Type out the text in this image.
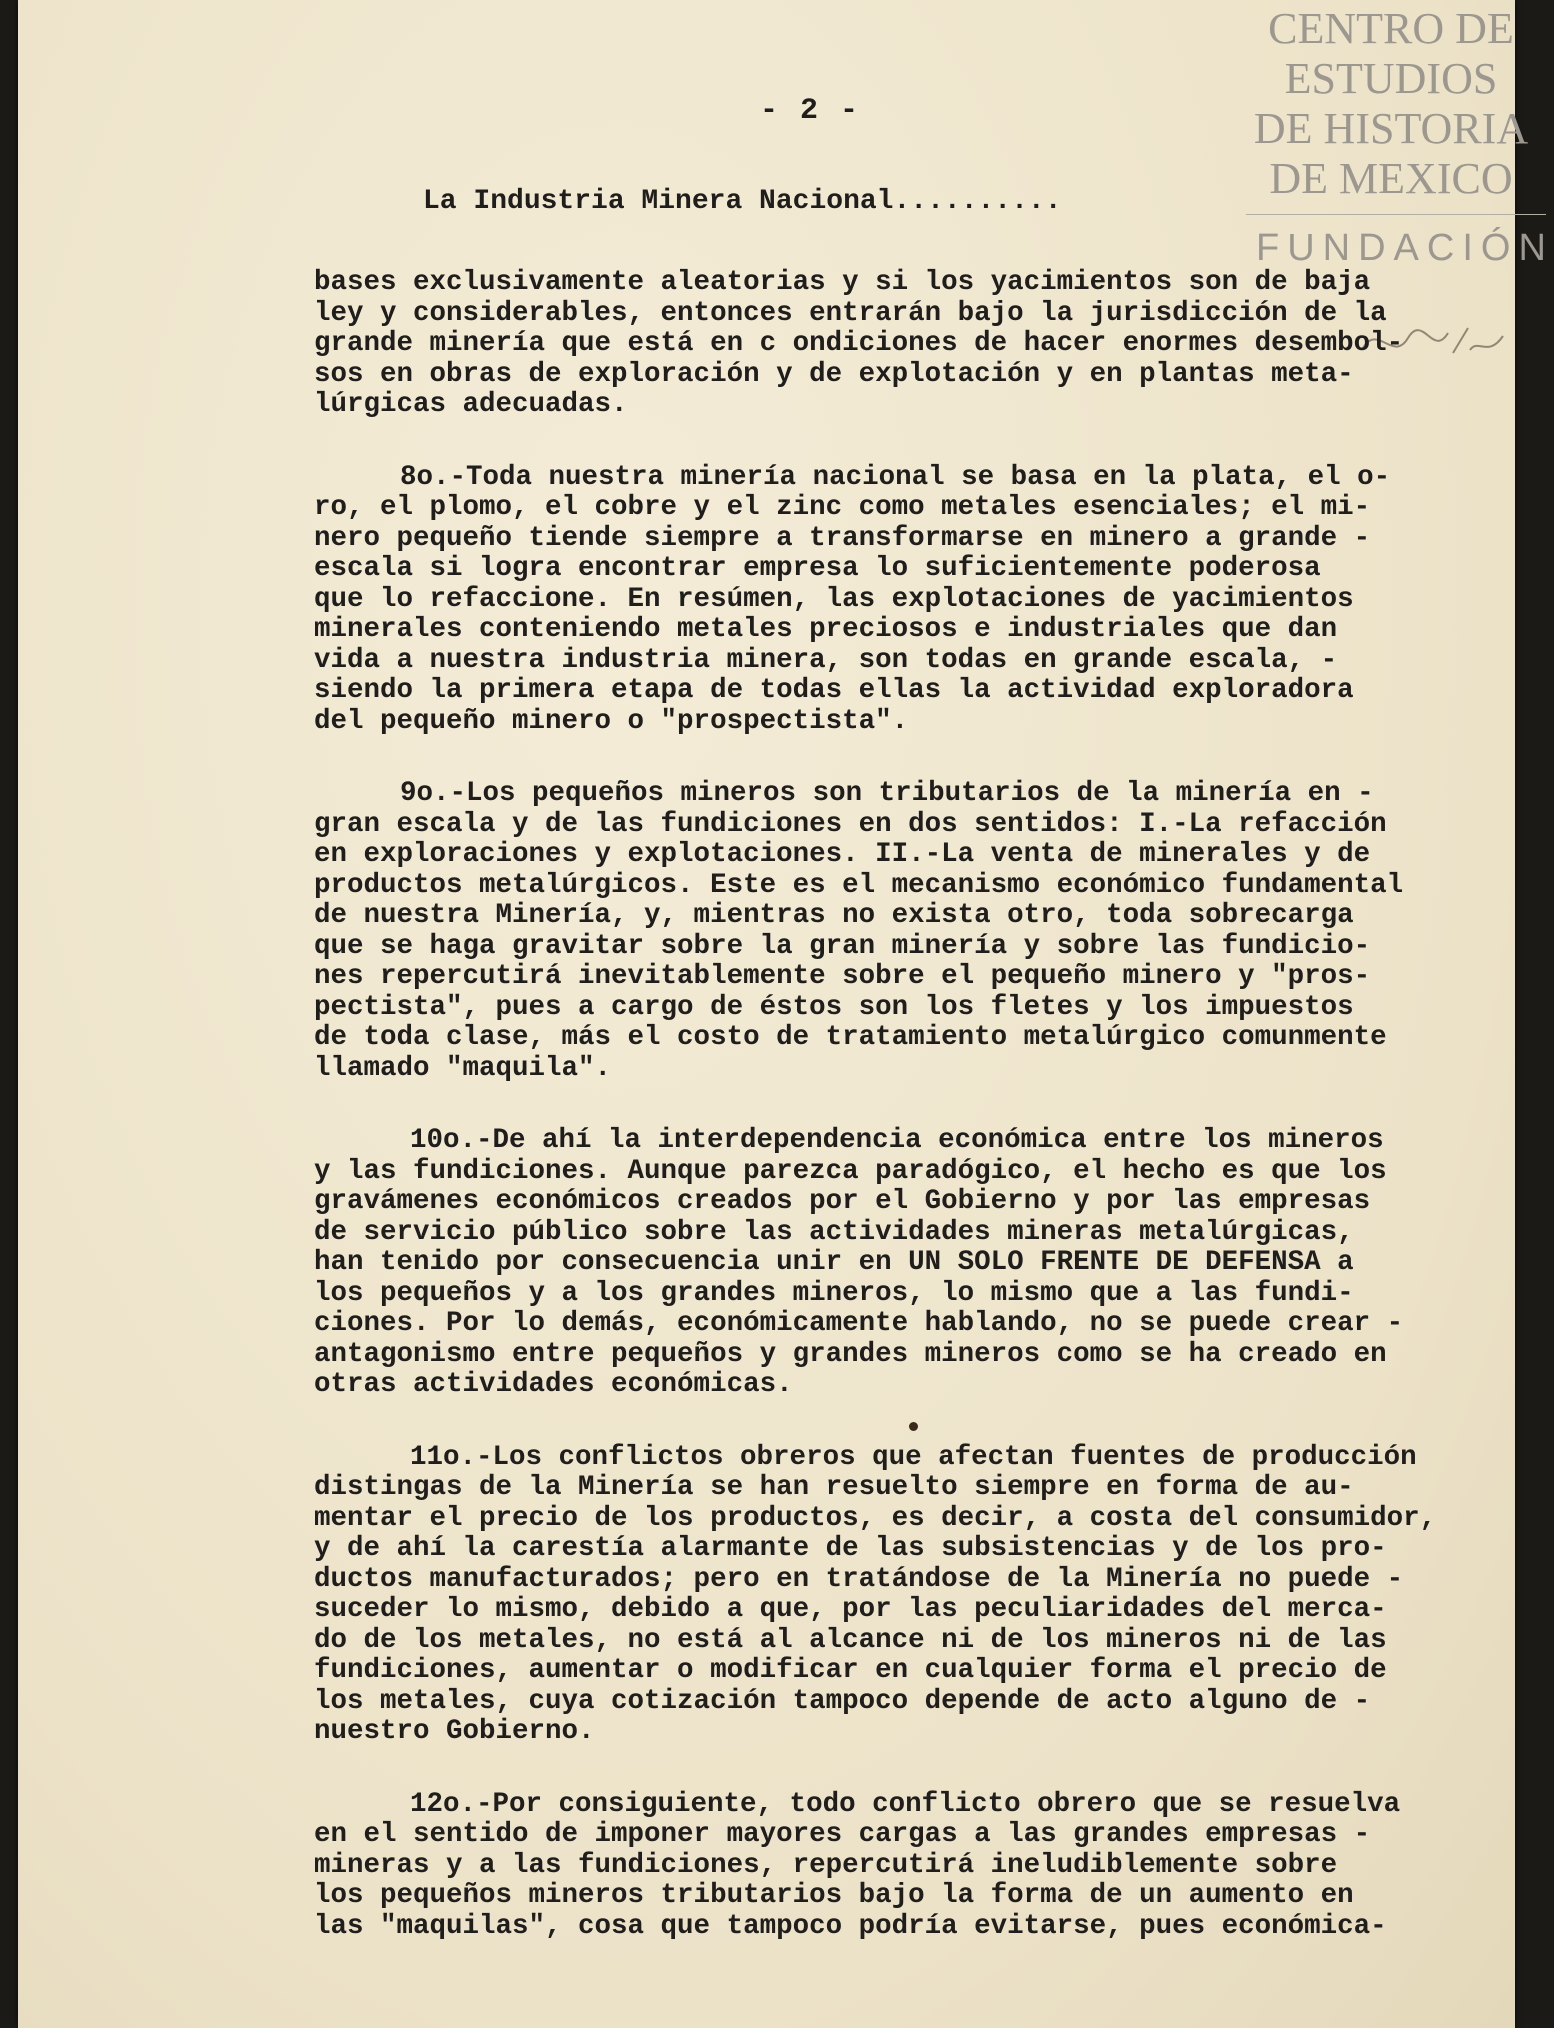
CENTRO DE
ESTUDIOS
DE HISTORIA
DE MEXICO
FUNDACIÓN
- 2 -
La Industria Minera Nacional..........
bases exclusivamente aleatorias y si los yacimientos son de baja
ley y considerables, entonces entrarán bajo la jurisdicción de la
grande minería que está en c ondiciones de hacer enormes desembol-
sos en obras de exploración y de explotación y en plantas meta-
lúrgicas adecuadas.
8o.-Toda nuestra minería nacional se basa en la plata, el o-
ro, el plomo, el cobre y el zinc como metales esenciales; el mi-
nero pequeño tiende siempre a transformarse en minero a grande -
escala si logra encontrar empresa lo suficientemente poderosa
que lo refaccione. En resúmen, las explotaciones de yacimientos
minerales conteniendo metales preciosos e industriales que dan
vida a nuestra industria minera, son todas en grande escala, -
siendo la primera etapa de todas ellas la actividad exploradora
del pequeño minero o "prospectista".
9o.-Los pequeños mineros son tributarios de la minería en -
gran escala y de las fundiciones en dos sentidos: I.-La refacción
en exploraciones y explotaciones. II.-La venta de minerales y de
productos metalúrgicos. Este es el mecanismo económico fundamental
de nuestra Minería, y, mientras no exista otro, toda sobrecarga
que se haga gravitar sobre la gran minería y sobre las fundicio-
nes repercutirá inevitablemente sobre el pequeño minero y "pros-
pectista", pues a cargo de éstos son los fletes y los impuestos
de toda clase, más el costo de tratamiento metalúrgico comunmente
llamado "maquila".
10o.-De ahí la interdependencia económica entre los mineros
y las fundiciones. Aunque parezca paradógico, el hecho es que los
gravámenes económicos creados por el Gobierno y por las empresas
de servicio público sobre las actividades mineras metalúrgicas,
han tenido por consecuencia unir en UN SOLO FRENTE DE DEFENSA a
los pequeños y a los grandes mineros, lo mismo que a las fundi-
ciones. Por lo demás, económicamente hablando, no se puede crear -
antagonismo entre pequeños y grandes mineros como se ha creado en
otras actividades económicas.
11o.-Los conflictos obreros que afectan fuentes de producción
distingas de la Minería se han resuelto siempre en forma de au-
mentar el precio de los productos, es decir, a costa del consumidor,
y de ahí la carestía alarmante de las subsistencias y de los pro-
ductos manufacturados; pero en tratándose de la Minería no puede -
suceder lo mismo, debido a que, por las peculiaridades del merca-
do de los metales, no está al alcance ni de los mineros ni de las
fundiciones, aumentar o modificar en cualquier forma el precio de
los metales, cuya cotización tampoco depende de acto alguno de -
nuestro Gobierno.
12o.-Por consiguiente, todo conflicto obrero que se resuelva
en el sentido de imponer mayores cargas a las grandes empresas -
mineras y a las fundiciones, repercutirá ineludiblemente sobre
los pequeños mineros tributarios bajo la forma de un aumento en
las "maquilas", cosa que tampoco podría evitarse, pues económica-
